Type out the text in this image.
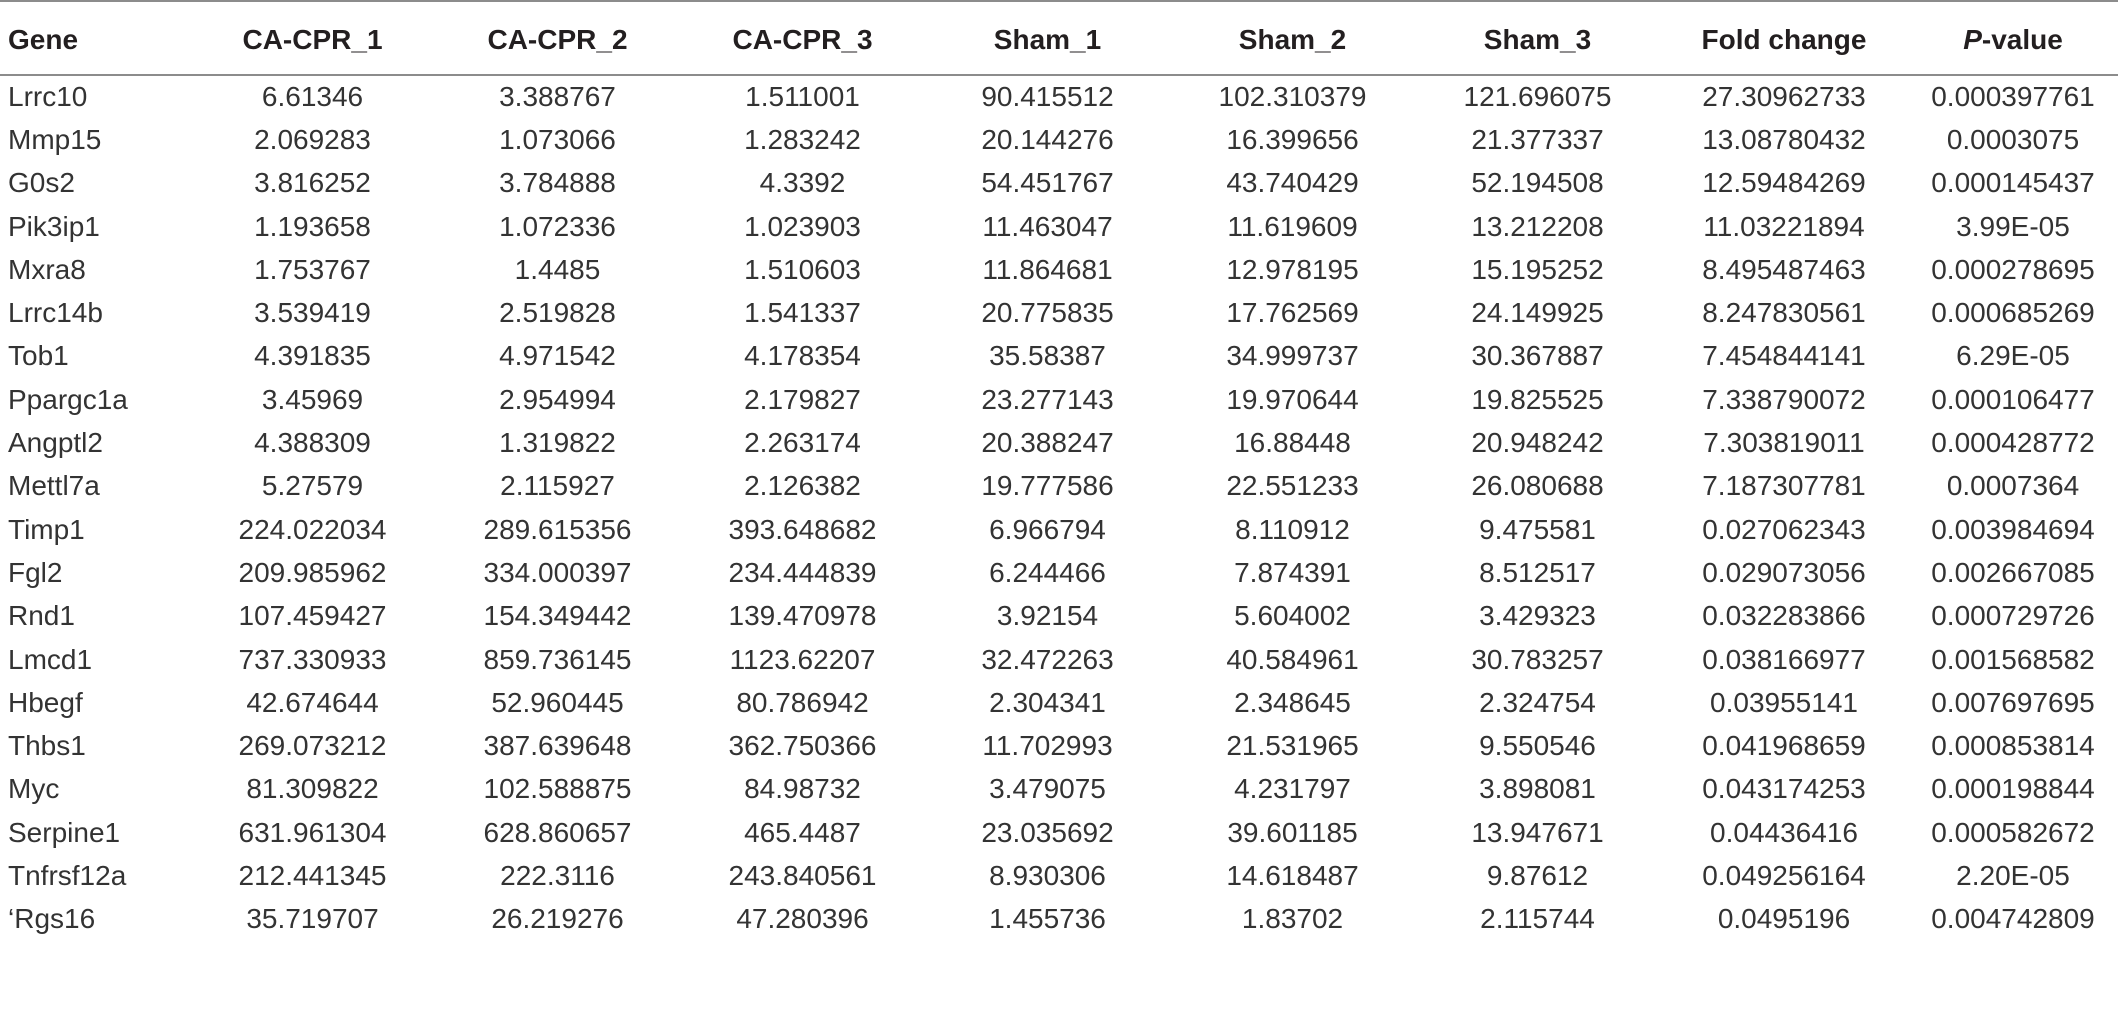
Gene	CA-CPR_1	CA-CPR_2	CA-CPR_3	Sham_1	Sham_2	Sham_3	Fold change	P-value
Lrrc10	6.61346	3.388767	1.511001	90.415512	102.310379	121.696075	27.30962733	0.000397761
Mmp15	2.069283	1.073066	1.283242	20.144276	16.399656	21.377337	13.08780432	0.0003075
G0s2	3.816252	3.784888	4.3392	54.451767	43.740429	52.194508	12.59484269	0.000145437
Pik3ip1	1.193658	1.072336	1.023903	11.463047	11.619609	13.212208	11.03221894	3.99E-05
Mxra8	1.753767	1.4485	1.510603	11.864681	12.978195	15.195252	8.495487463	0.000278695
Lrrc14b	3.539419	2.519828	1.541337	20.775835	17.762569	24.149925	8.247830561	0.000685269
Tob1	4.391835	4.971542	4.178354	35.58387	34.999737	30.367887	7.454844141	6.29E-05
Ppargc1a	3.45969	2.954994	2.179827	23.277143	19.970644	19.825525	7.338790072	0.000106477
Angptl2	4.388309	1.319822	2.263174	20.388247	16.88448	20.948242	7.303819011	0.000428772
Mettl7a	5.27579	2.115927	2.126382	19.777586	22.551233	26.080688	7.187307781	0.0007364
Timp1	224.022034	289.615356	393.648682	6.966794	8.110912	9.475581	0.027062343	0.003984694
Fgl2	209.985962	334.000397	234.444839	6.244466	7.874391	8.512517	0.029073056	0.002667085
Rnd1	107.459427	154.349442	139.470978	3.92154	5.604002	3.429323	0.032283866	0.000729726
Lmcd1	737.330933	859.736145	1123.62207	32.472263	40.584961	30.783257	0.038166977	0.001568582
Hbegf	42.674644	52.960445	80.786942	2.304341	2.348645	2.324754	0.03955141	0.007697695
Thbs1	269.073212	387.639648	362.750366	11.702993	21.531965	9.550546	0.041968659	0.000853814
Myc	81.309822	102.588875	84.98732	3.479075	4.231797	3.898081	0.043174253	0.000198844
Serpine1	631.961304	628.860657	465.4487	23.035692	39.601185	13.947671	0.04436416	0.000582672
Tnfrsf12a	212.441345	222.3116	243.840561	8.930306	14.618487	9.87612	0.049256164	2.20E-05
‘Rgs16	35.719707	26.219276	47.280396	1.455736	1.83702	2.115744	0.0495196	0.004742809
